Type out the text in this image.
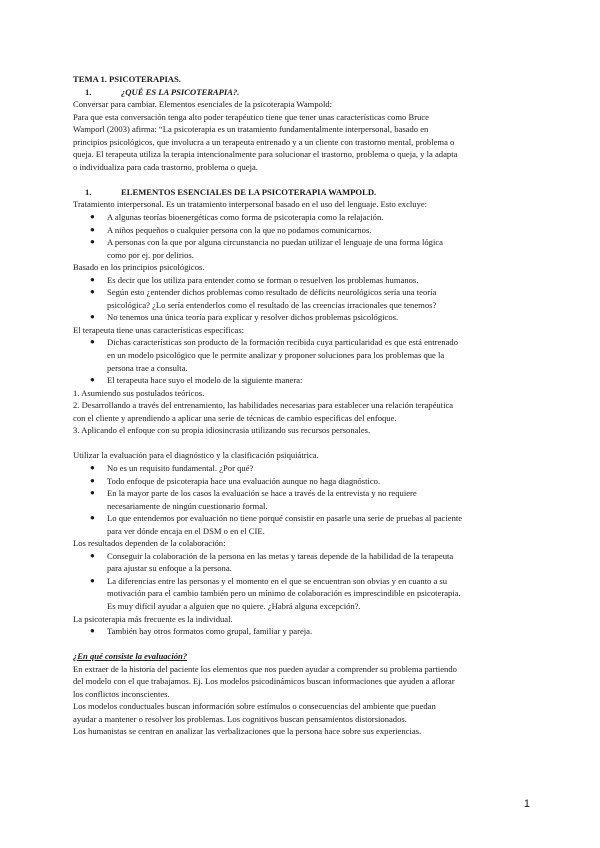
TEMA 1. PSICOTERAPIAS.
1.	¿QUÉ ES LA PSICOTERAPIA?.
Conversar para cambiar. Elementos esenciales de la psicoterapia Wampold:
Para que esta conversación tenga alto poder terapéutico tiene que tener unas características como Bruce
Wamporl (2003) afirma: “La psicoterapia es un tratamiento fundamentalmente interpersonal, basado en
principios psicológicos, que involucra a un terapeuta entrenado y a un cliente con trastorno mental, problema o
queja. El terapeuta utiliza la terapia intencionalmente para solucionar el trastorno, problema o queja, y la adapta
o individualiza para cada trastorno, problema o queja.
1.	ELEMENTOS ESENCIALES DE LA PSICOTERAPIA WAMPOLD.
Tratamiento interpersonal. Es un tratamiento interpersonal basado en el uso del lenguaje. Esto excluye:
● A algunas teorías bioenergéticas como forma de psicoterapia como la relajación.
● A niños pequeños o cualquier persona con la que no podamos comunicarnos.
● A personas con la que por alguna circunstancia no puedan utilizar el lenguaje de una forma lógica
como por ej. por delirios.
Basado en los principios psicológicos.
● Es decir que los utiliza para entender como se forman o resuelven los problemas humanos.
● Según esto ¿entender dichos problemas como resultado de déficits neurológicos sería una teoría
psicológica? ¿Lo sería entenderlos como el resultado de las creencias irracionales que tenemos?
● No tenemos una única teoría para explicar y resolver dichos problemas psicológicos.
El terapeuta tiene unas características específicas:
● Dichas características son producto de la formación recibida cuya particularidad es que está entrenado
en un modelo psicológico que le permite analizar y proponer soluciones para los problemas que la
persona trae a consulta.
● El terapeuta hace suyo el modelo de la siguiente manera:
1. Asumiendo sus postulados teóricos.
2. Desarrollando a través del entrenamiento, las habilidades necesarias para establecer una relación terapéutica
con el cliente y aprendiendo a aplicar una serie de técnicas de cambio específicas del enfoque.
3. Aplicando el enfoque con su propia idiosincrasia utilizando sus recursos personales.
Utilizar la evaluación para el diagnóstico y la clasificación psiquiátrica.
● No es un requisito fundamental. ¿Por qué?
● Todo enfoque de psicoterapia hace una evaluación aunque no haga diagnóstico.
● En la mayor parte de los casos la evaluación se hace a través de la entrevista y no requiere
necesariamente de ningún cuestionario formal.
● Lo que entendemos por evaluación no tiene porqué consistir en pasarle una serie de pruebas al paciente
para ver dónde encaja en el DSM o en el CIE.
Los resultados dependen de la colaboración:
● Conseguir la colaboración de la persona en las metas y tareas depende de la habilidad de la terapeuta
para ajustar su enfoque a la persona.
● La diferencias entre las personas y el momento en el que se encuentran son obvias y en cuanto a su
motivación para el cambio también pero un mínimo de colaboración es imprescindible en psicoterapia.
Es muy difícil ayudar a alguien que no quiere. ¿Habrá alguna excepción?.
La psicoterapia más frecuente es la individual.
● También hay otros formatos como grupal, familiar y pareja.
¿En qué consiste la evaluación?
En extraer de la historia del paciente los elementos que nos pueden ayudar a comprender su problema partiendo
del modelo con el que trabajamos. Ej. Los modelos psicodinámicos buscan informaciones que ayuden a aflorar
los conflictos inconscientes.
Los modelos conductuales buscan información sobre estímulos o consecuencias del ambiente que puedan
ayudar a mantener o resolver los problemas. Los cognitivos buscan pensamientos distorsionados.
Los humanistas se centran en analizar las verbalizaciones que la persona hace sobre sus experiencias.
1
